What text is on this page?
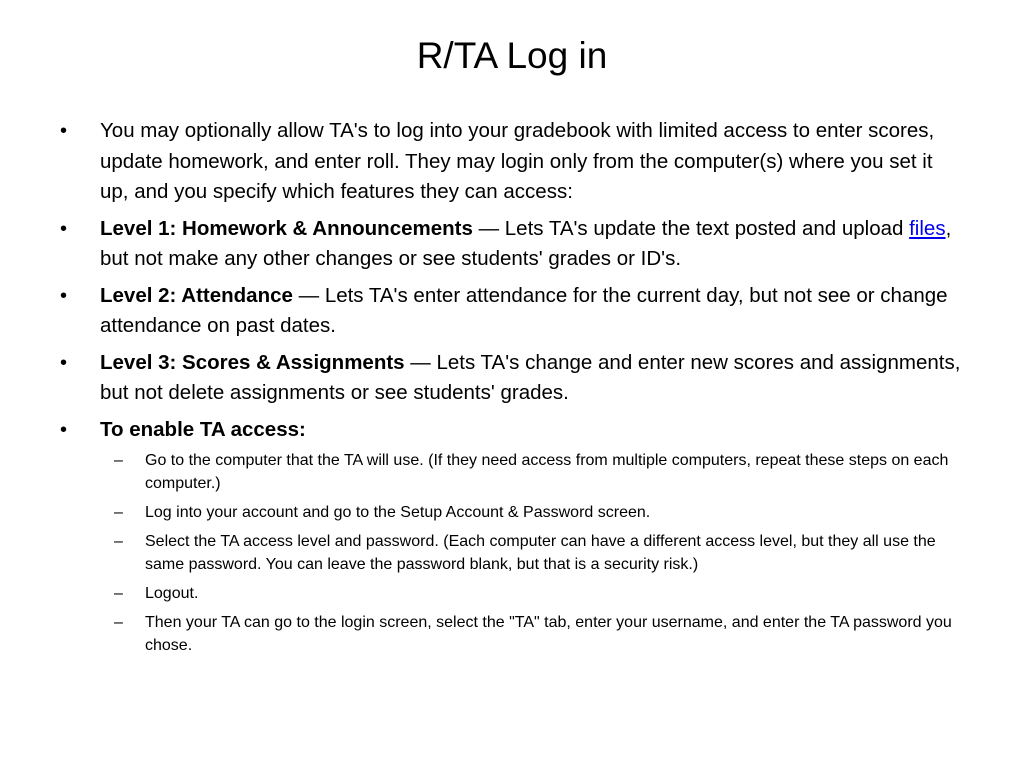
R/TA Log in
• You may optionally allow TA's to log into your gradebook with limited access to enter scores, update homework, and enter roll. They may login only from the computer(s) where you set it up, and you specify which features they can access:
• Level 1: Homework & Announcements — Lets TA's update the text posted and upload files, but not make any other changes or see students' grades or ID's.
• Level 2: Attendance — Lets TA's enter attendance for the current day, but not see or change attendance on past dates.
• Level 3: Scores & Assignments — Lets TA's change and enter new scores and assignments, but not delete assignments or see students' grades.
• To enable TA access:
– Go to the computer that the TA will use. (If they need access from multiple computers, repeat these steps on each computer.)
– Log into your account and go to the Setup Account & Password screen.
– Select the TA access level and password. (Each computer can have a different access level, but they all use the same password. You can leave the password blank, but that is a security risk.)
– Logout.
– Then your TA can go to the login screen, select the "TA" tab, enter your username, and enter the TA password you chose.
